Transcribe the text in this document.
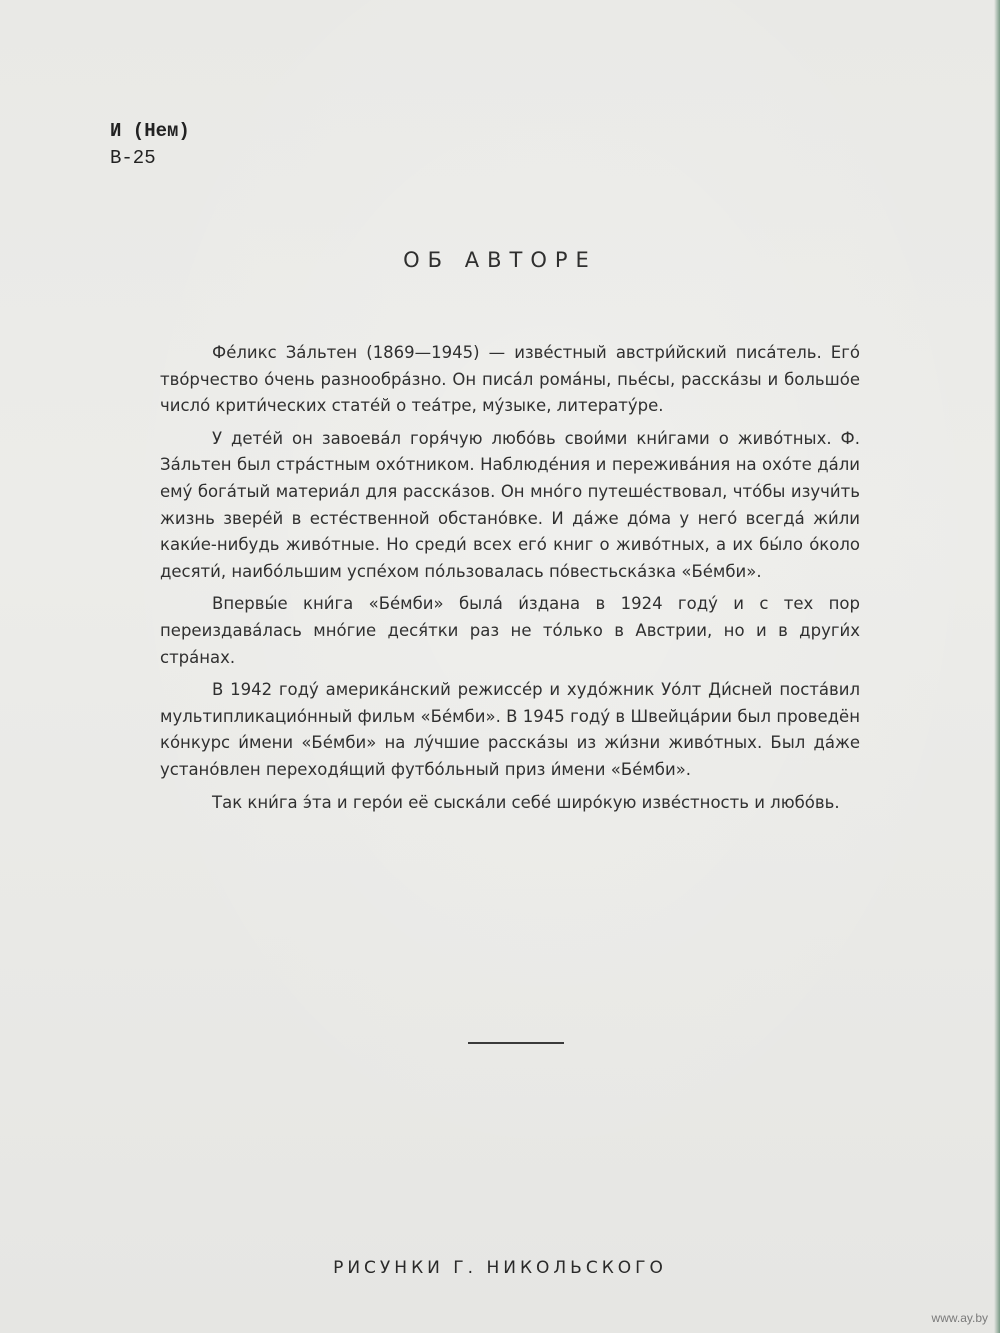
И (Нем)
В-25
ОБ АВТОРЕ

Фе́ликс За́льтен (1869—1945) — изве́стный австри́йский писа́тель. Его́ тво́рчество о́чень разнообра́зно. Он писа́л рома́ны, пье́сы, расска́зы и большо́е число́ крити́ческих стате́й о теа́тре, му́зыке, литерату́ре.

У дете́й он завоева́л горя́чую любо́вь свои́ми кни́гами о живо́тных. Ф. За́льтен был стра́стным охо́тником. Наблюде́ния и пережива́ния на охо́те да́ли ему́ бога́тый материа́л для расска́зов. Он мно́го путеше́ствовал, что́бы изучи́ть жизнь звере́й в есте́ственной обстано́вке. И да́же до́ма у него́ всегда́ жи́ли каки́е-нибудь живо́тные. Но среди́ всех его́ книг о живо́тных, а их бы́ло о́коло десяти́, наибо́льшим успе́хом по́льзовалась по́вестьска́зка «Бе́мби».

Впервы́е кни́га «Бе́мби» была́ и́здана в 1924 году́ и с тех пор переиздава́лась мно́гие деся́тки раз не то́лько в Австрии, но и в други́х стра́нах.

В 1942 году́ америка́нский режиссе́р и худо́жник Уо́лт Ди́сней поста́вил мультипликацио́нный фильм «Бе́мби». В 1945 году́ в Швейца́рии был проведён ко́нкурс и́мени «Бе́мби» на лу́чшие расска́зы из жи́зни живо́тных. Был да́же устано́влен переходя́щий футбо́льный приз и́мени «Бе́мби».

Так кни́га э́та и геро́и её сыска́ли себе́ широ́кую изве́стность и любо́вь.

РИСУНКИ Г. НИКОЛЬСКОГО
www.ay.by
